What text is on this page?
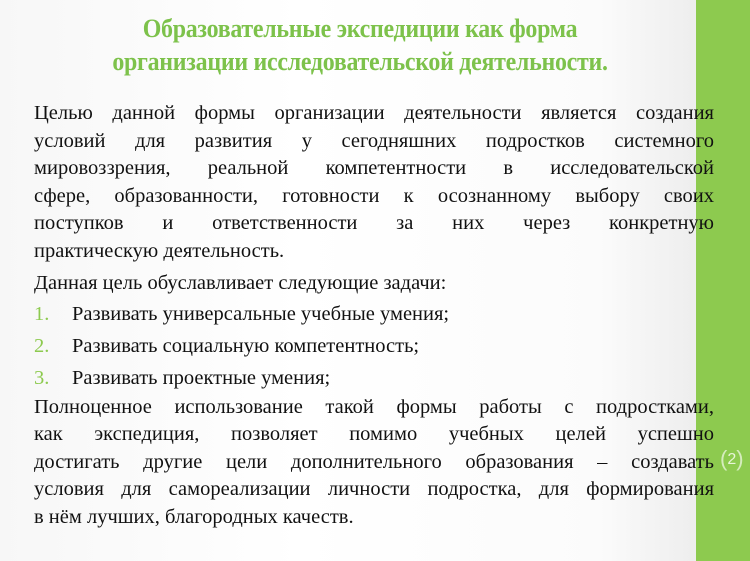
Образовательные экспедиции как форма
организации исследовательской деятельности.
Целью данной формы организации деятельности является создания
условий для развития у сегодняшних подростков системного
мировоззрения, реальной компетентности в исследовательской
сфере, образованности, готовности к осознанному выбору своих
поступков и ответственности за них через конкретную
практическую деятельность.
Данная цель обуславливает следующие задачи:
1.	Развивать универсальные учебные умения;
2.	Развивать социальную компетентность;
3.	Развивать проектные умения;
Полноценное использование такой формы работы с подростками,
как экспедиция, позволяет помимо учебных целей успешно
достигать другие цели дополнительного образования – создавать
условия для самореализации личности подростка, для формирования
в нём лучших, благородных качеств.
(2)
